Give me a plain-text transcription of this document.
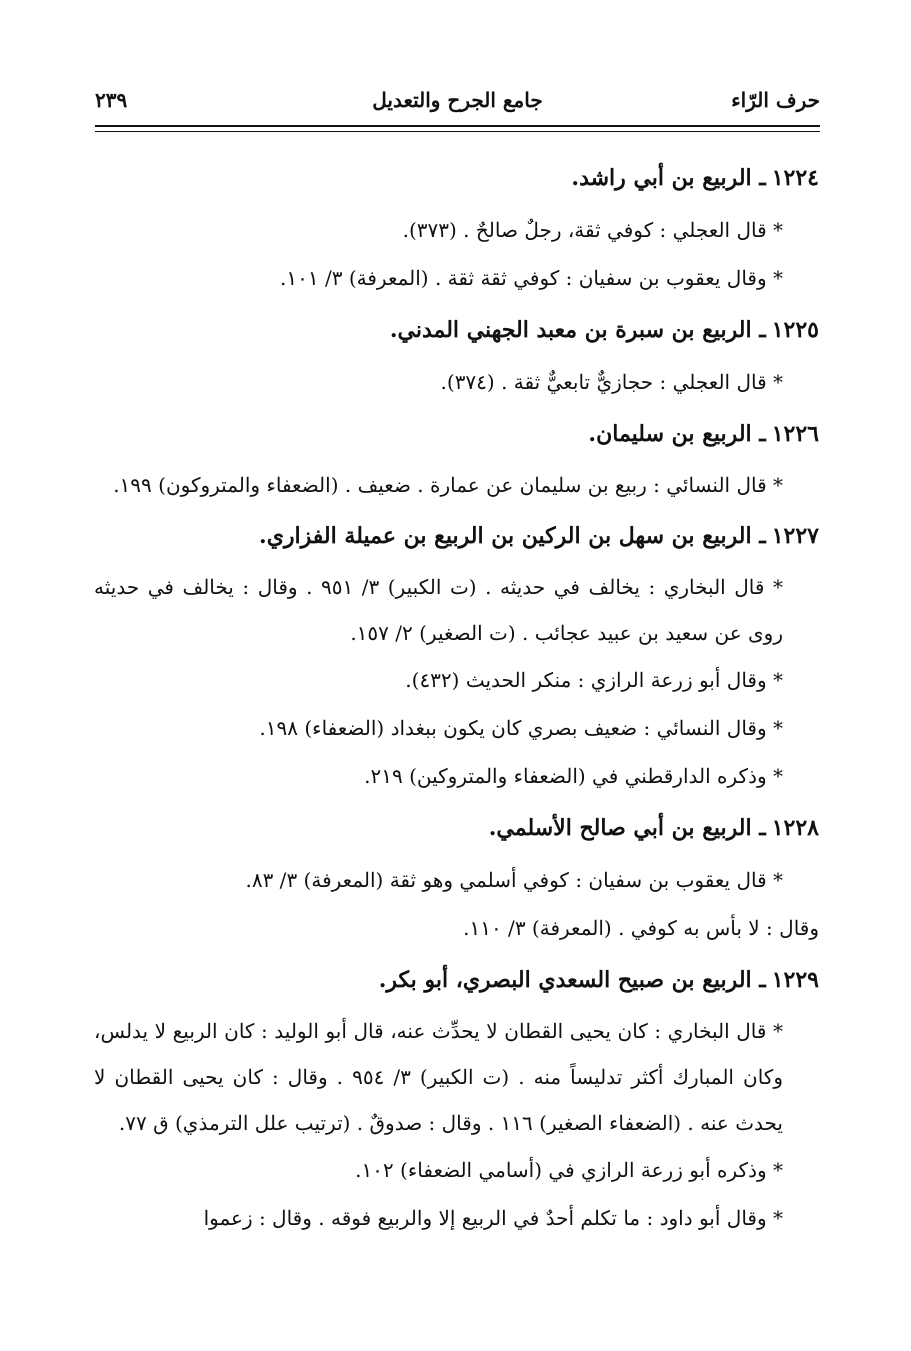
حرف الرّاء
جامع الجرح والتعديل
٢٣٩

١٢٢٤ـ الربيع بن أبي راشد.

* قال العجلي : كوفي ثقة، رجلٌ صالحٌ . (٣٧٣).

* وقال يعقوب بن سفيان : كوفي ثقة ثقة . (المعرفة) ٣/ ١٠١.

١٢٢٥ـ الربيع بن سبرة بن معبد الجهني المدني.

* قال العجلي : حجازيٌّ تابعيٌّ ثقة . (٣٧٤).

١٢٢٦ـ الربيع بن سليمان.

* قال النسائي : ربيع بن سليمان عن عمارة . ضعيف . (الضعفاء والمتروكون) ١٩٩.

١٢٢٧ـ الربيع بن سهل بن الركين بن الربيع بن عميلة الفزاري.

* قال البخاري : يخالف في حديثه . (ت الكبير) ٣/ ٩٥١ . وقال : يخالف في حديثه روى عن سعيد بن عبيد عجائب . (ت الصغير) ٢/ ١٥٧.

* وقال أبو زرعة الرازي : منكر الحديث (٤٣٢).

* وقال النسائي : ضعيف بصري كان يكون ببغداد (الضعفاء) ١٩٨.

* وذكره الدارقطني في (الضعفاء والمتروكين) ٢١٩.

١٢٢٨ـ الربيع بن أبي صالح الأسلمي.

* قال يعقوب بن سفيان : كوفي أسلمي وهو ثقة (المعرفة) ٣/ ٨٣.

وقال : لا بأس به كوفي . (المعرفة) ٣/ ١١٠.

١٢٢٩ـ الربيع بن صبيح السعدي البصري، أبو بكر.

* قال البخاري : كان يحيى القطان لا يحدِّث عنه، قال أبو الوليد : كان الربيع لا يدلس، وكان المبارك أكثر تدليساً منه . (ت الكبير) ٣/ ٩٥٤ . وقال : كان يحيى القطان لا يحدث عنه . (الضعفاء الصغير) ١١٦ . وقال : صدوقٌ . (ترتيب علل الترمذي) ق ٧٧.

* وذكره أبو زرعة الرازي في (أسامي الضعفاء) ١٠٢.

* وقال أبو داود : ما تكلم أحدٌ في الربيع إلا والربيع فوقه . وقال : زعموا
